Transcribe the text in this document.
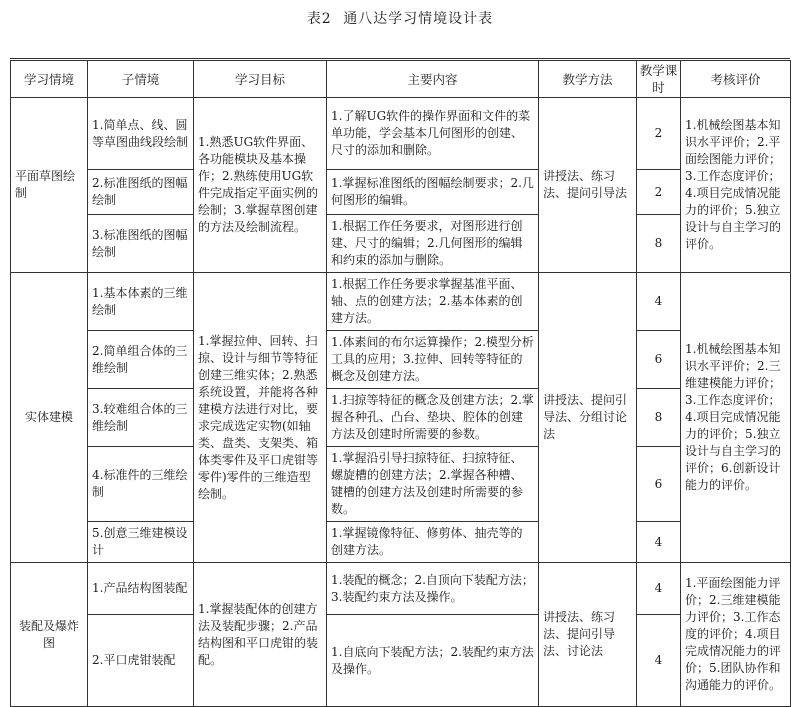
表2 通八达学习情境设计表
学习情境	子情境	学习目标	主要内容	教学方法	教学课时	考核评价
平面草图绘制	1.简单点、线、圆等草图曲线段绘制	1.熟悉UG软件界面、各功能模块及基本操作；2.熟练使用UG软件完成指定平面实例的绘制；3.掌握草图创建的方法及绘制流程。	1.了解UG软件的操作界面和文件的菜单功能，学会基本几何图形的创建、尺寸的添加和删除。	讲授法、练习法、提问引导法	2	1.机械绘图基本知识水平评价；2.平面绘图能力评价；3.工作态度评价；4.项目完成情况能力的评价；5.独立设计与自主学习的评价。
	2.标准图纸的图幅绘制		1.掌握标准图纸的图幅绘制要求；2.几何图形的编辑。		2	
	3.标准图纸的图幅绘制		1.根据工作任务要求，对图形进行创建、尺寸的编辑；2.几何图形的编辑和约束的添加与删除。		8	
实体建模	1.基本体素的三维绘制	1.掌握拉伸、回转、扫掠、设计与细节等特征创建三维实体；2.熟悉系统设置，并能将各种建模方法进行对比，要求完成选定实物(如轴类、盘类、支架类、箱体类零件及平口虎钳等零件)零件的三维造型绘制。	1.根据工作任务要求掌握基准平面、轴、点的创建方法；2.基本体素的创建方法。	讲授法、提问引导法、分组讨论法	4	1.机械绘图基本知识水平评价；2.三维建模能力评价；3.工作态度评价；4.项目完成情况能力的评价；5.独立设计与自主学习的评价；6.创新设计能力的评价。
	2.简单组合体的三维绘制		1.体素间的布尔运算操作；2.模型分析工具的应用；3.拉伸、回转等特征的概念及创建方法。		6	
	3.较难组合体的三维绘制		1.扫掠等特征的概念及创建方法；2.掌握各种孔、凸台、垫块、腔体的创建方法及创建时所需要的参数。		8	
	4.标准件的三维绘制		1.掌握沿引导扫掠特征、扫掠特征、螺旋槽的创建方法；2.掌握各种槽、键槽的创建方法及创建时所需要的参数。		6	
	5.创意三维建模设计		1.掌握镜像特征、修剪体、抽壳等的创建方法。		4	
装配及爆炸图	1.产品结构图装配	1.掌握装配体的创建方法及装配步骤；2.产品结构图和平口虎钳的装配。	1.装配的概念；2.自顶向下装配方法；3.装配约束方法及操作。	讲授法、练习法、提问引导法、讨论法	4	1.平面绘图能力评价；2.三维建模能力评价；3.工作态度的评价；4.项目完成情况能力的评价；5.团队协作和沟通能力的评价。
	2.平口虎钳装配		1.自底向下装配方法；2.装配约束方法及操作。		4	
